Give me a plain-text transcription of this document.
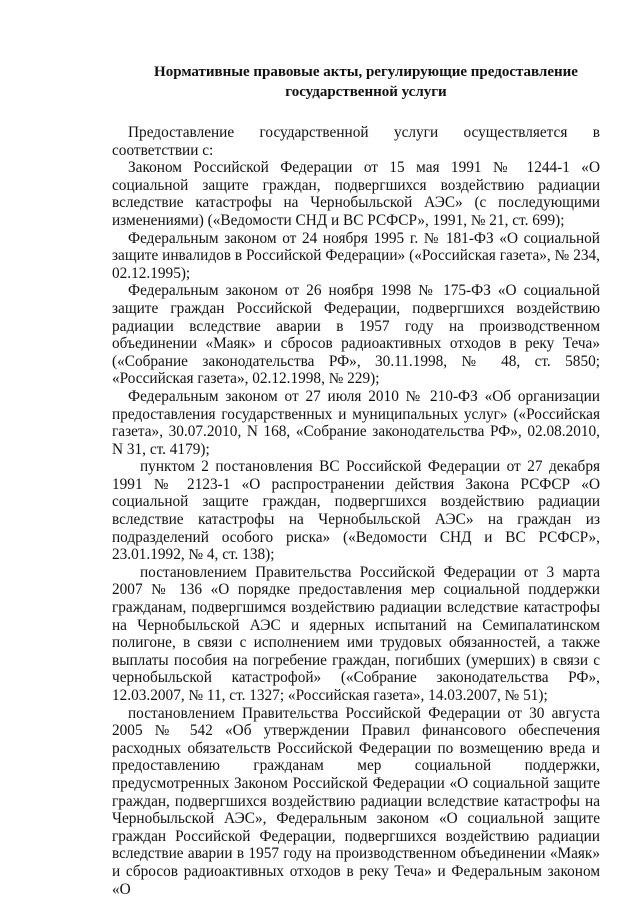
Нормативные правовые акты, регулирующие предоставление
государственной услуги

Предоставление государственной услуги осуществляется в соответствии с:

Законом Российской Федерации от 15 мая 1991 № 1244-1 «О социальной защите граждан, подвергшихся воздействию радиации вследствие катастрофы на Чернобыльской АЭС» (с последующими изменениями) («Ведомости СНД и ВС РСФСР», 1991, № 21, ст. 699);

Федеральным законом от 24 ноября 1995 г. № 181-ФЗ «О социальной защите инвалидов в Российской Федерации» («Российская газета», № 234, 02.12.1995);

Федеральным законом от 26 ноября 1998 № 175-ФЗ «О социальной защите граждан Российской Федерации, подвергшихся воздействию радиации вследствие аварии в 1957 году на производственном объединении «Маяк» и сбросов радиоактивных отходов в реку Теча» («Собрание законодательства РФ», 30.11.1998, № 48, ст. 5850; «Российская газета», 02.12.1998, № 229);

Федеральным законом от 27 июля 2010 № 210-ФЗ «Об организации предоставления государственных и муниципальных услуг» («Российская газета», 30.07.2010, N 168, «Собрание законодательства РФ», 02.08.2010, N 31, ст. 4179);

пунктом 2 постановления ВС Российской Федерации от 27 декабря 1991 № 2123-1 «О распространении действия Закона РСФСР «О социальной защите граждан, подвергшихся воздействию радиации вследствие катастрофы на Чернобыльской АЭС» на граждан из подразделений особого риска» («Ведомости СНД и ВС РСФСР», 23.01.1992, № 4, ст. 138);

постановлением Правительства Российской Федерации от 3 марта 2007 № 136 «О порядке предоставления мер социальной поддержки гражданам, подвергшимся воздействию радиации вследствие катастрофы на Чернобыльской АЭС и ядерных испытаний на Семипалатинском полигоне, в связи с исполнением ими трудовых обязанностей, а также выплаты пособия на погребение граждан, погибших (умерших) в связи с чернобыльской катастрофой» («Собрание законодательства РФ», 12.03.2007, № 11, ст. 1327; «Российская газета», 14.03.2007, № 51);

постановлением Правительства Российской Федерации от 30 августа 2005 № 542 «Об утверждении Правил финансового обеспечения расходных обязательств Российской Федерации по возмещению вреда и предоставлению гражданам мер социальной поддержки, предусмотренных Законом Российской Федерации «О социальной защите граждан, подвергшихся воздействию радиации вследствие катастрофы на Чернобыльской АЭС», Федеральным законом «О социальной защите граждан Российской Федерации, подвергшихся воздействию радиации вследствие аварии в 1957 году на производственном объединении «Маяк» и сбросов радиоактивных отходов в реку Теча» и Федеральным законом «О
